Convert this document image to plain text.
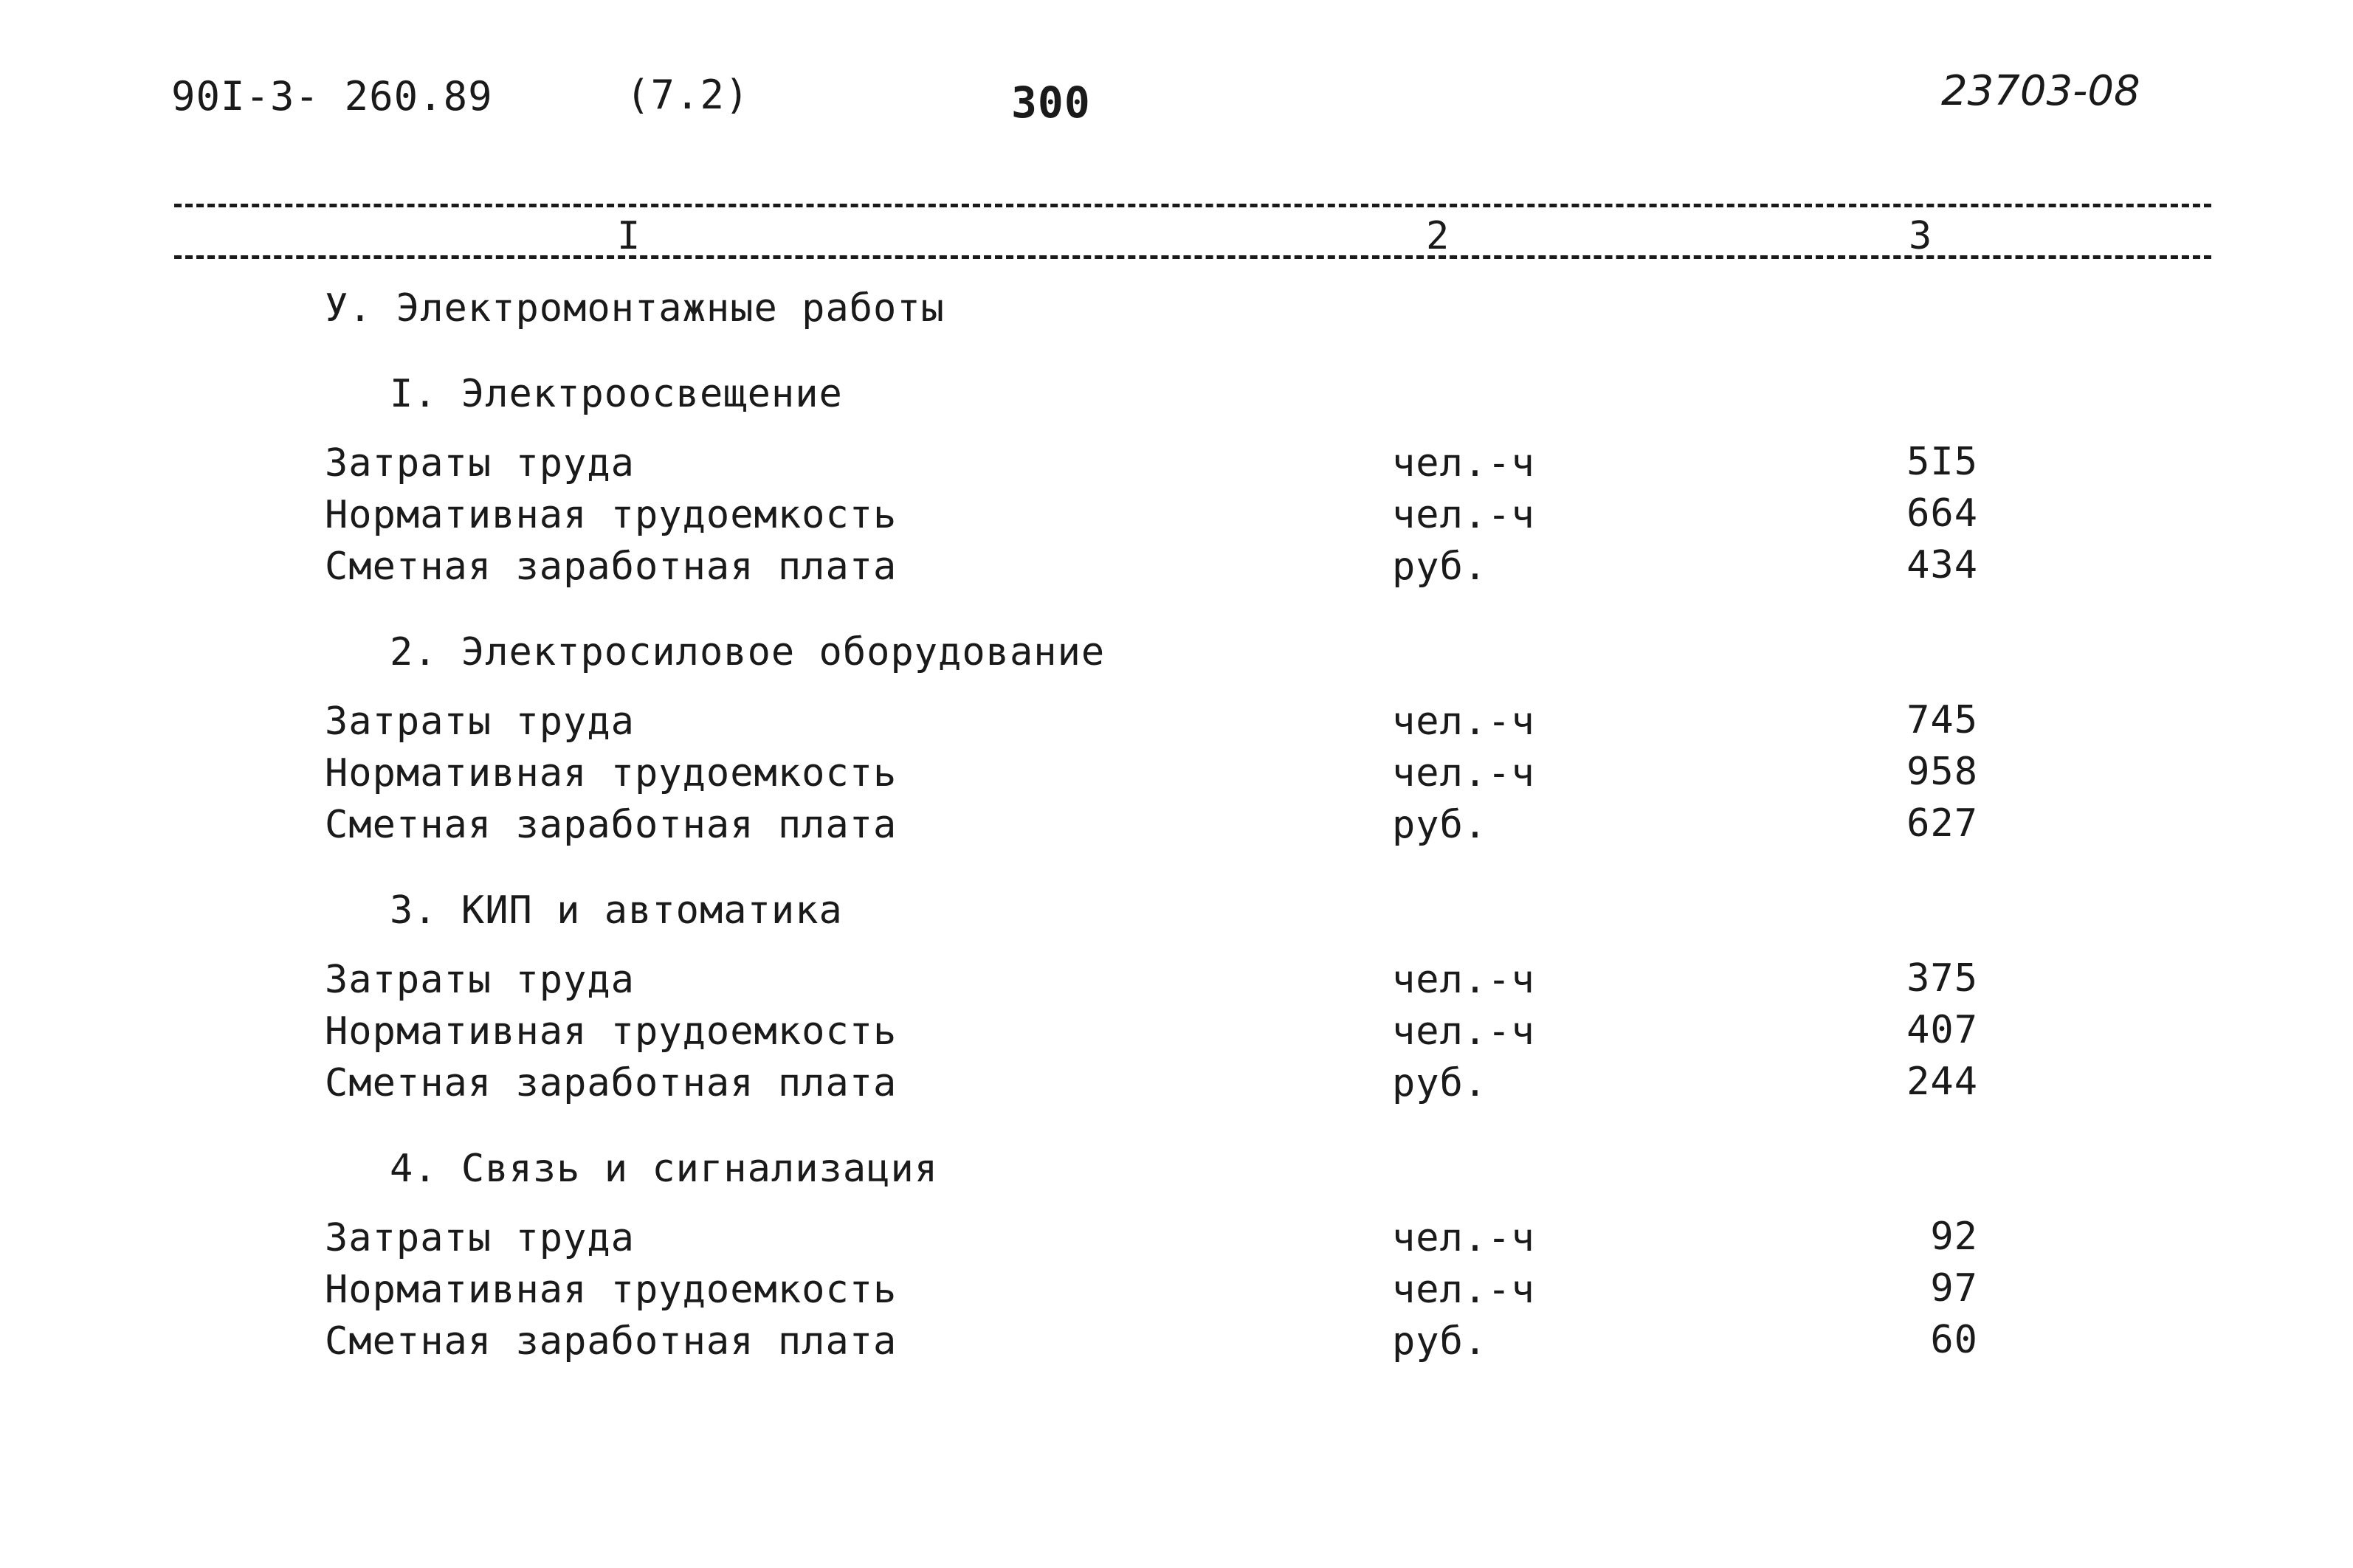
90I-3- 260.89	(7.2)	300	23703-08
I	2	3
У. Электромонтажные работы
I. Электроосвещение
Затраты труда	чел.-ч	5I5
Нормативная трудоемкость	чел.-ч	664
Сметная заработная плата	руб.	434
2. Электросиловое оборудование
Затраты труда	чел.-ч	745
Нормативная трудоемкость	чел.-ч	958
Сметная заработная плата	руб.	627
3. КИП и автоматика
Затраты труда	чел.-ч	375
Нормативная трудоемкость	чел.-ч	407
Сметная заработная плата	руб.	244
4. Связь и сигнализация
Затраты труда	чел.-ч	92
Нормативная трудоемкость	чел.-ч	97
Сметная заработная плата	руб.	60
